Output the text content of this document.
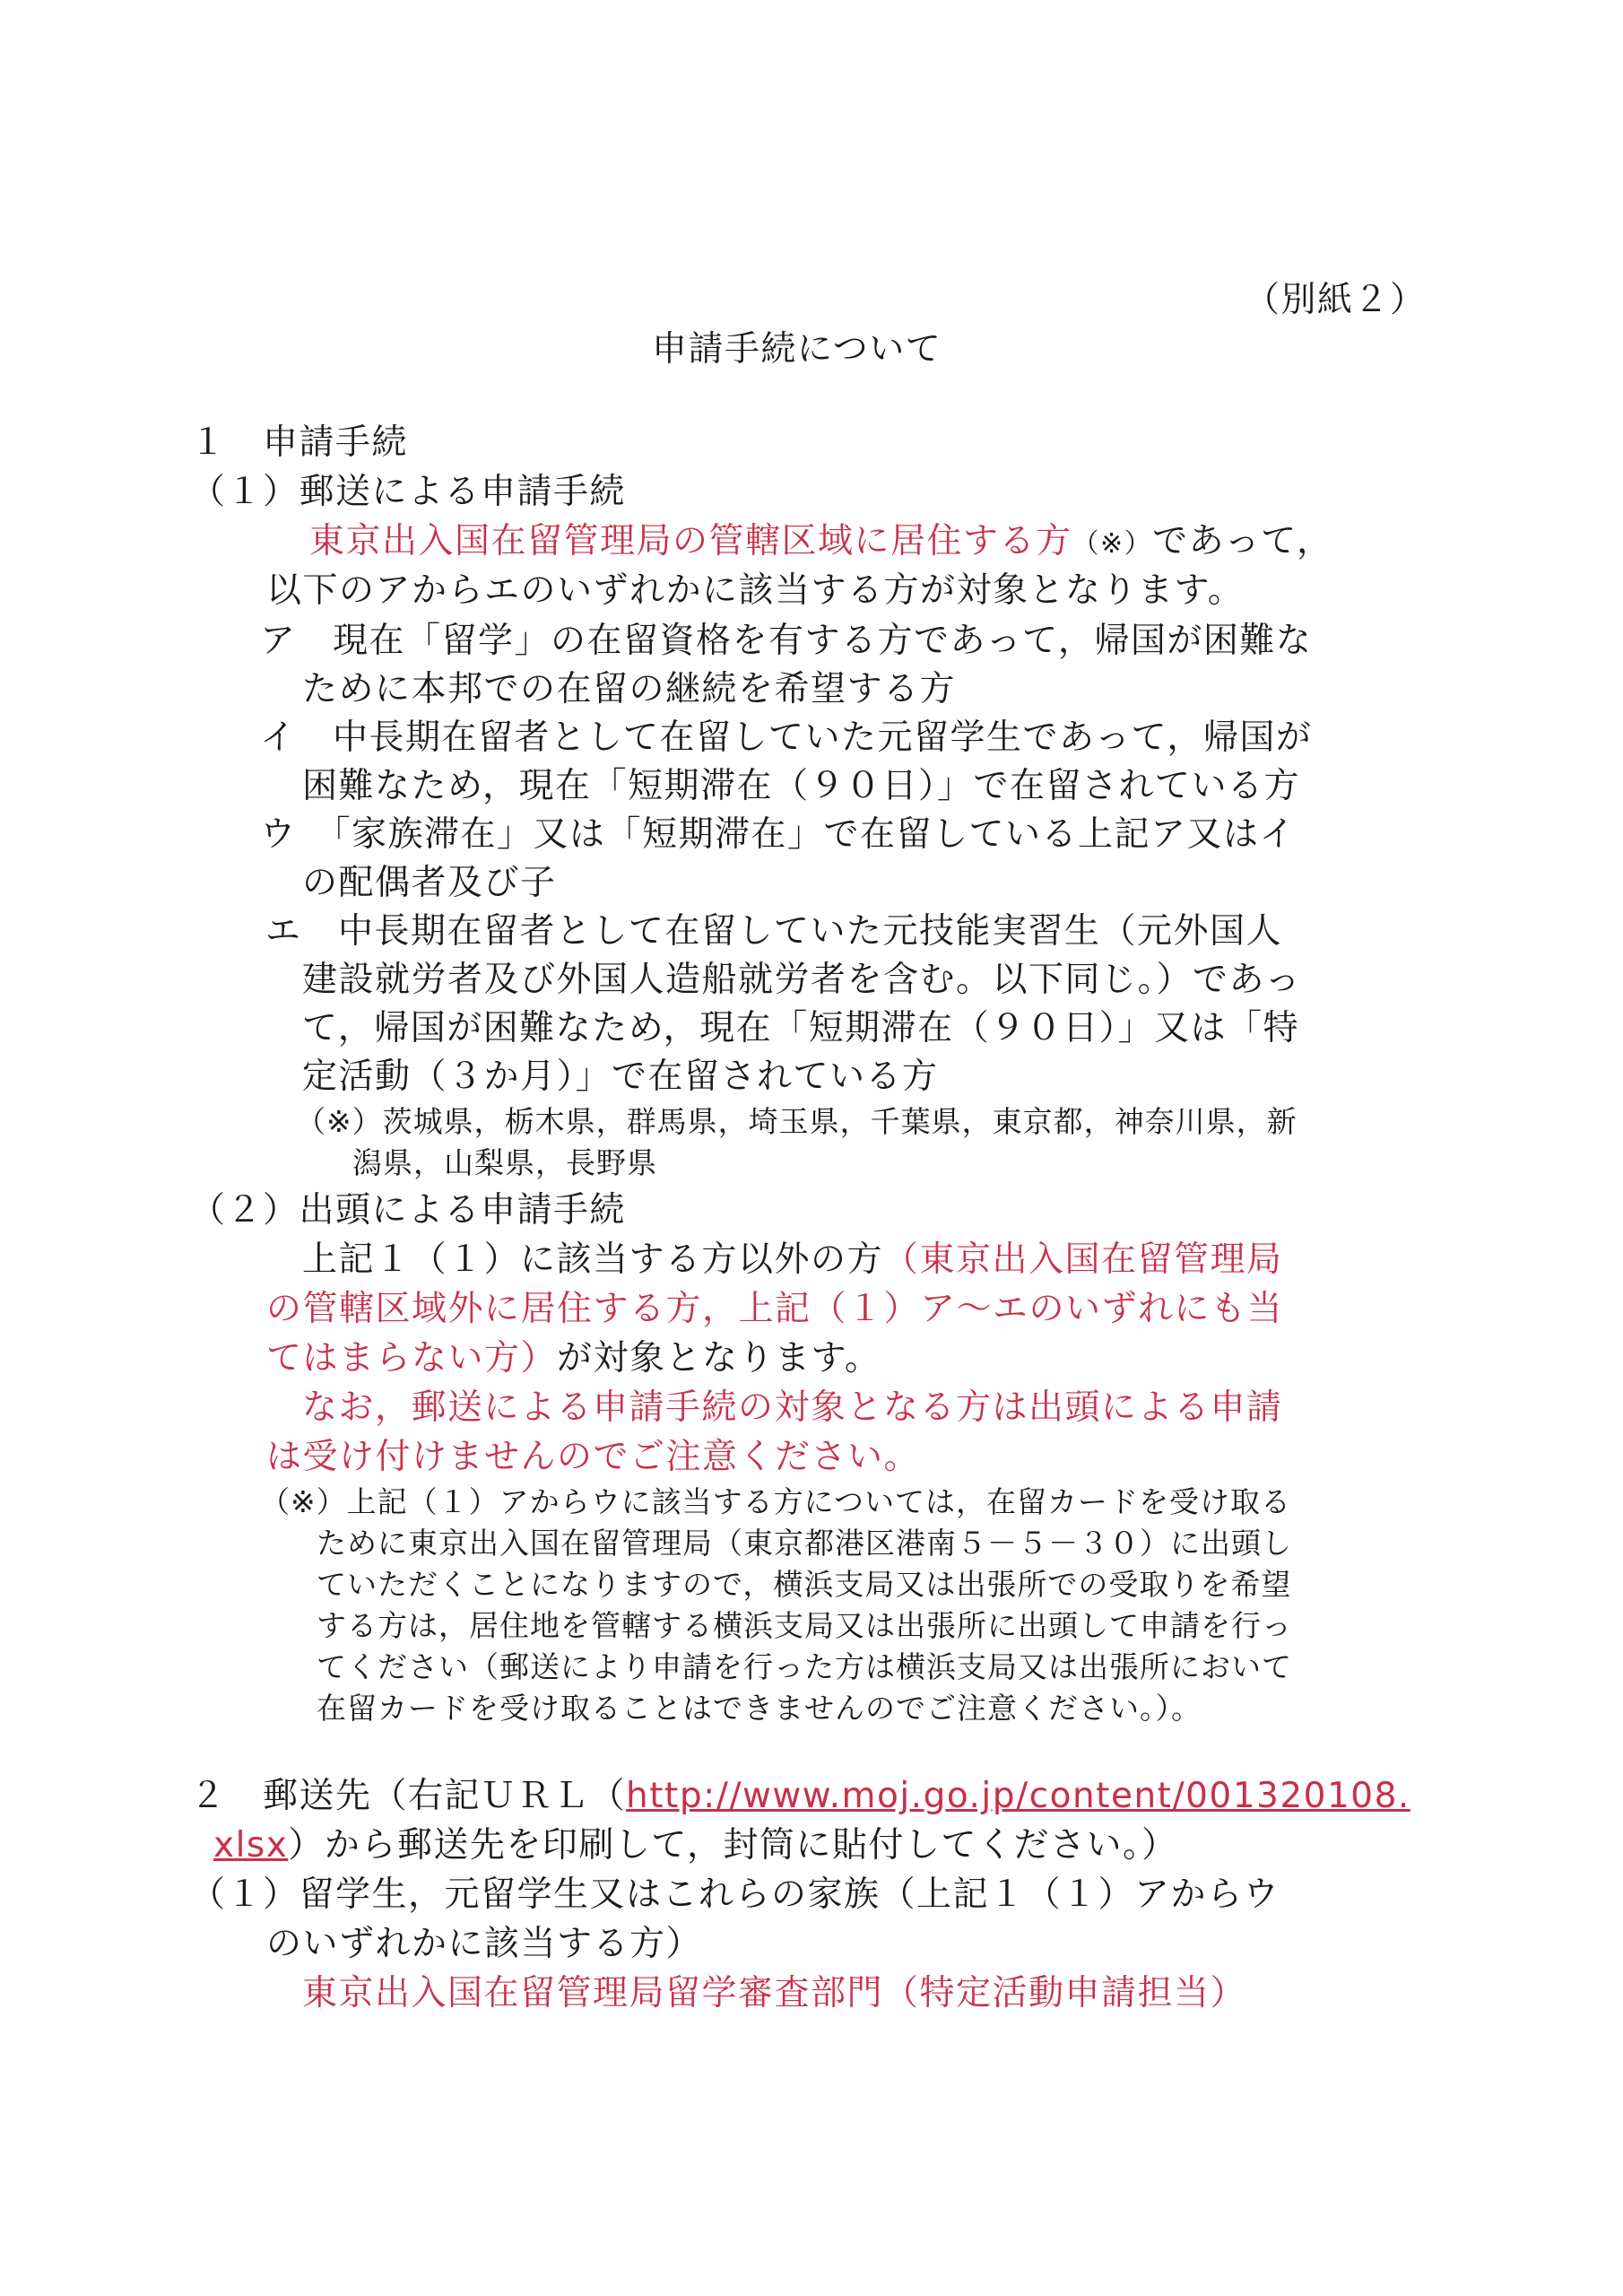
（別紙２）
申請手続について
１　申請手続
（１）郵送による申請手続
東京出入国在留管理局の管轄区域に居住する方（※）であって，
以下のアからエのいずれかに該当する方が対象となります。
ア　現在「留学」の在留資格を有する方であって，帰国が困難な
ために本邦での在留の継続を希望する方
イ　中長期在留者として在留していた元留学生であって，帰国が
困難なため，現在「短期滞在（９０日）」で在留されている方
ウ　「家族滞在」又は「短期滞在」で在留している上記ア又はイ
の配偶者及び子
エ　中長期在留者として在留していた元技能実習生（元外国人
建設就労者及び外国人造船就労者を含む。以下同じ。）であっ
て，帰国が困難なため，現在「短期滞在（９０日）」又は「特
定活動（３か月）」で在留されている方
（※）茨城県，栃木県，群馬県，埼玉県，千葉県，東京都，神奈川県，新
潟県，山梨県，長野県
（２）出頭による申請手続
上記１（１）に該当する方以外の方（東京出入国在留管理局
の管轄区域外に居住する方，上記（１）ア～エのいずれにも当
てはまらない方）が対象となります。
なお，郵送による申請手続の対象となる方は出頭による申請
は受け付けませんのでご注意ください。
（※）上記（１）アからウに該当する方については，在留カードを受け取る
ために東京出入国在留管理局（東京都港区港南５－５－３０）に出頭し
ていただくことになりますので，横浜支局又は出張所での受取りを希望
する方は，居住地を管轄する横浜支局又は出張所に出頭して申請を行っ
てください（郵送により申請を行った方は横浜支局又は出張所において
在留カードを受け取ることはできませんのでご注意ください。）。
２　郵送先（右記ＵＲＬ（http://www.moj.go.jp/content/001320108.
xlsx）から郵送先を印刷して，封筒に貼付してください。）
（１）留学生，元留学生又はこれらの家族（上記１（１）アからウ
のいずれかに該当する方）
東京出入国在留管理局留学審査部門（特定活動申請担当）
